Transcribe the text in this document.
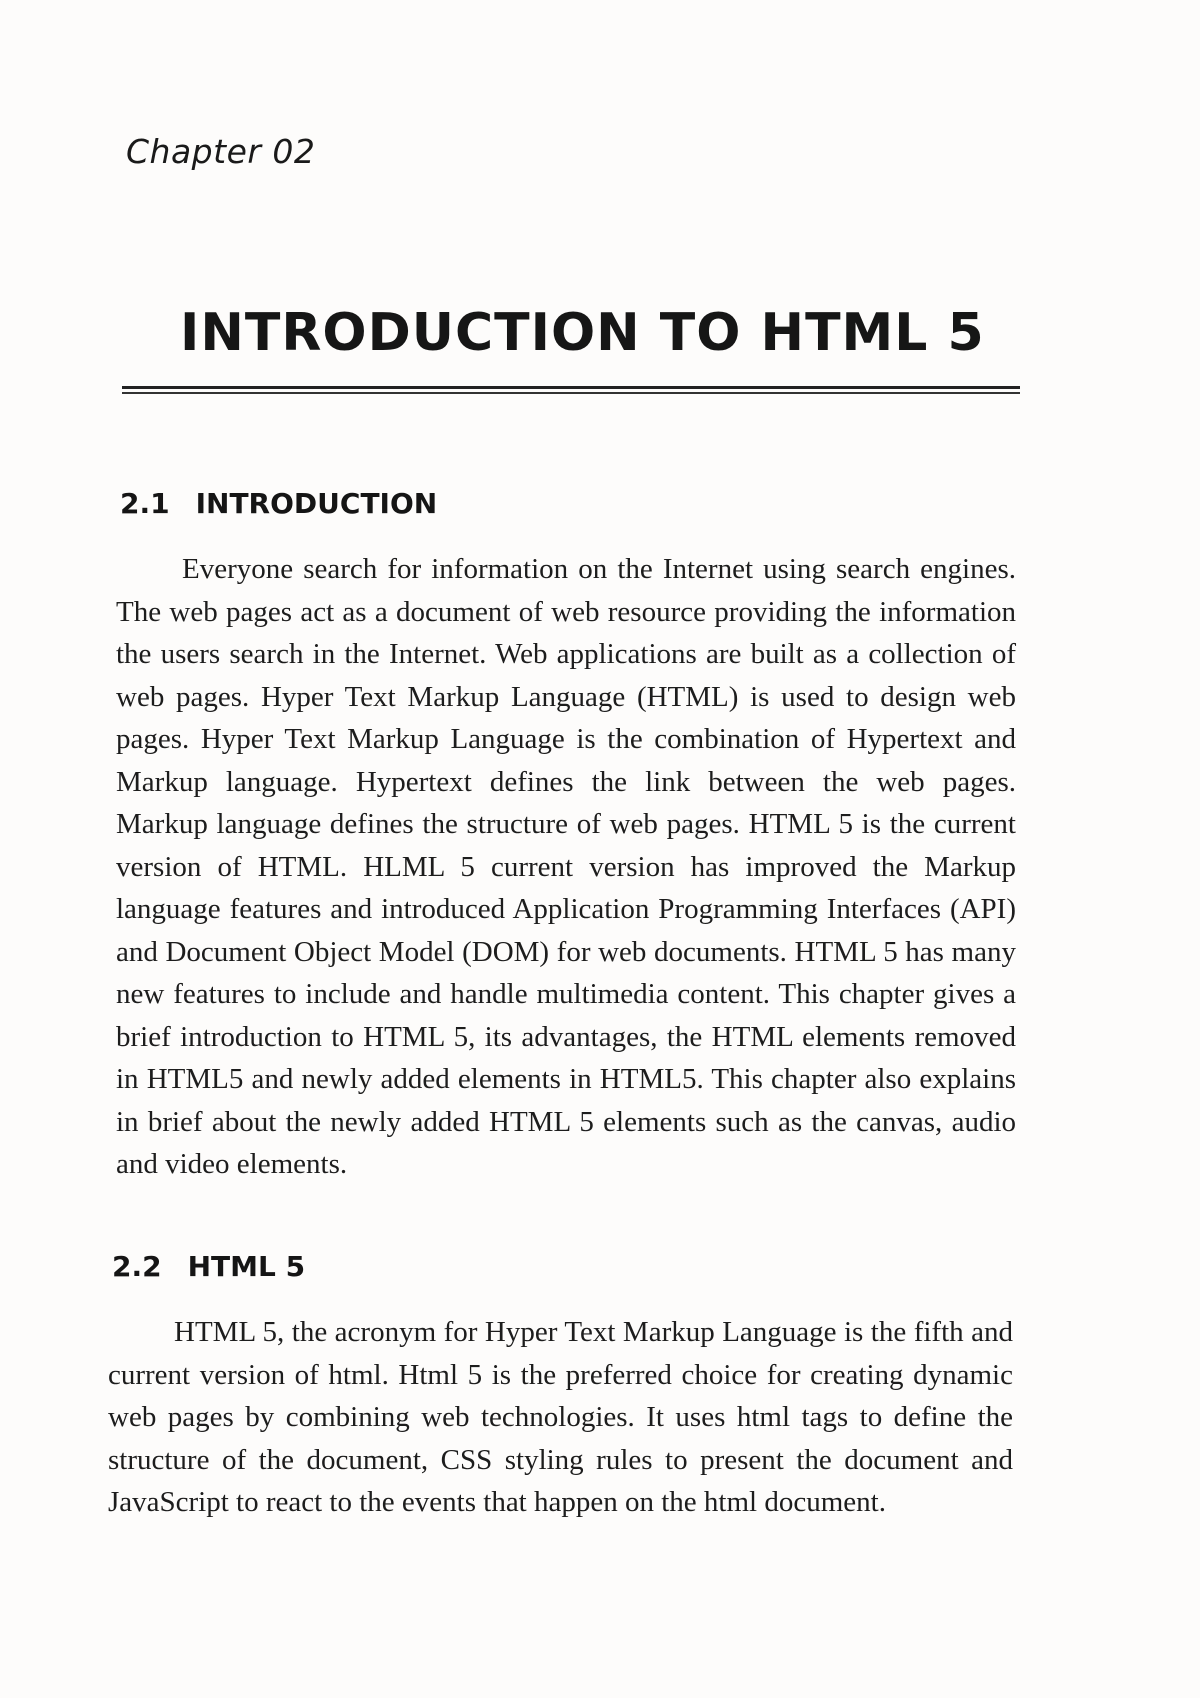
Chapter 02
INTRODUCTION TO HTML 5
2.1 INTRODUCTION

Everyone search for information on the Internet using search engines. The web pages act as a document of web resource providing the information the users search in the Internet. Web applications are built as a collection of web pages. Hyper Text Markup Language (HTML) is used to design web pages. Hyper Text Markup Language is the combination of Hypertext and Markup language. Hypertext defines the link between the web pages. Markup language defines the structure of web pages. HTML 5 is the current version of HTML. HLML 5 current version has improved the Markup language features and introduced Application Programming Interfaces (API) and Document Object Model (DOM) for web documents. HTML 5 has many new features to include and handle multimedia content. This chapter gives a brief introduction to HTML 5, its advantages, the HTML elements removed in HTML5 and newly added elements in HTML5. This chapter also explains in brief about the newly added HTML 5 elements such as the canvas, audio and video elements.

2.2 HTML 5

HTML 5, the acronym for Hyper Text Markup Language is the fifth and current version of html. Html 5 is the preferred choice for creating dynamic web pages by combining web technologies. It uses html tags to define the structure of the document, CSS styling rules to present the document and JavaScript to react to the events that happen on the html document.
